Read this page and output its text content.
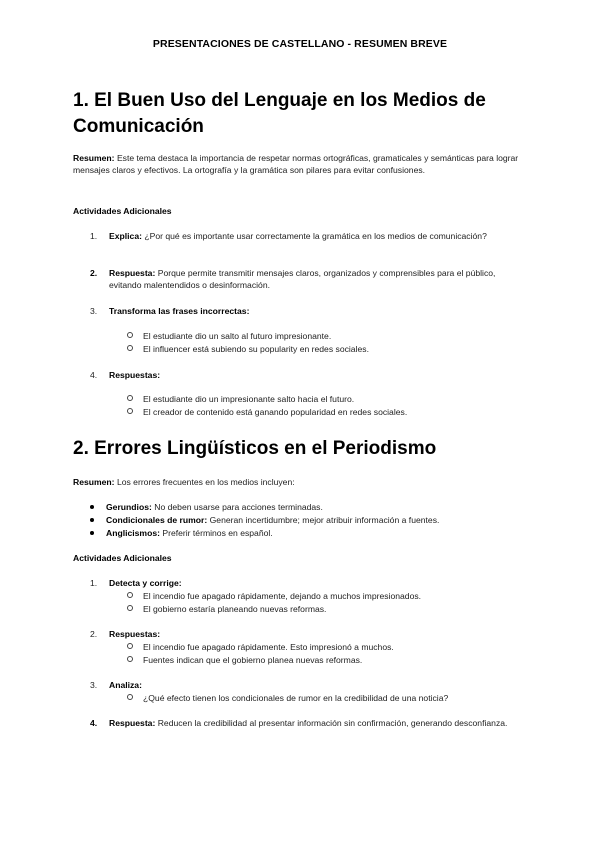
PRESENTACIONES DE CASTELLANO - RESUMEN BREVE
1. El Buen Uso del Lenguaje en los Medios de
Comunicación
Resumen: Este tema destaca la importancia de respetar normas ortográficas, gramaticales y semánticas para lograr mensajes claros y efectivos. La ortografía y la gramática son pilares para evitar confusiones.
Actividades Adicionales
1.	Explica: ¿Por qué es importante usar correctamente la gramática en los medios de comunicación?
2.	Respuesta: Porque permite transmitir mensajes claros, organizados y comprensibles para el público, evitando malentendidos o desinformación.
3.	Transforma las frases incorrectas:
El estudiante dio un salto al futuro impresionante.
El influencer está subiendo su popularity en redes sociales.
4.	Respuestas:
El estudiante dio un impresionante salto hacia el futuro.
El creador de contenido está ganando popularidad en redes sociales.
2. Errores Lingüísticos en el Periodismo
Resumen: Los errores frecuentes en los medios incluyen:
Gerundios: No deben usarse para acciones terminadas.
Condicionales de rumor: Generan incertidumbre; mejor atribuir información a fuentes.
Anglicismos: Preferir términos en español.
Actividades Adicionales
1.	Detecta y corrige:
El incendio fue apagado rápidamente, dejando a muchos impresionados.
El gobierno estaría planeando nuevas reformas.
2.	Respuestas:
El incendio fue apagado rápidamente. Esto impresionó a muchos.
Fuentes indican que el gobierno planea nuevas reformas.
3.	Analiza:
¿Qué efecto tienen los condicionales de rumor en la credibilidad de una noticia?
4.	Respuesta: Reducen la credibilidad al presentar información sin confirmación, generando desconfianza.
